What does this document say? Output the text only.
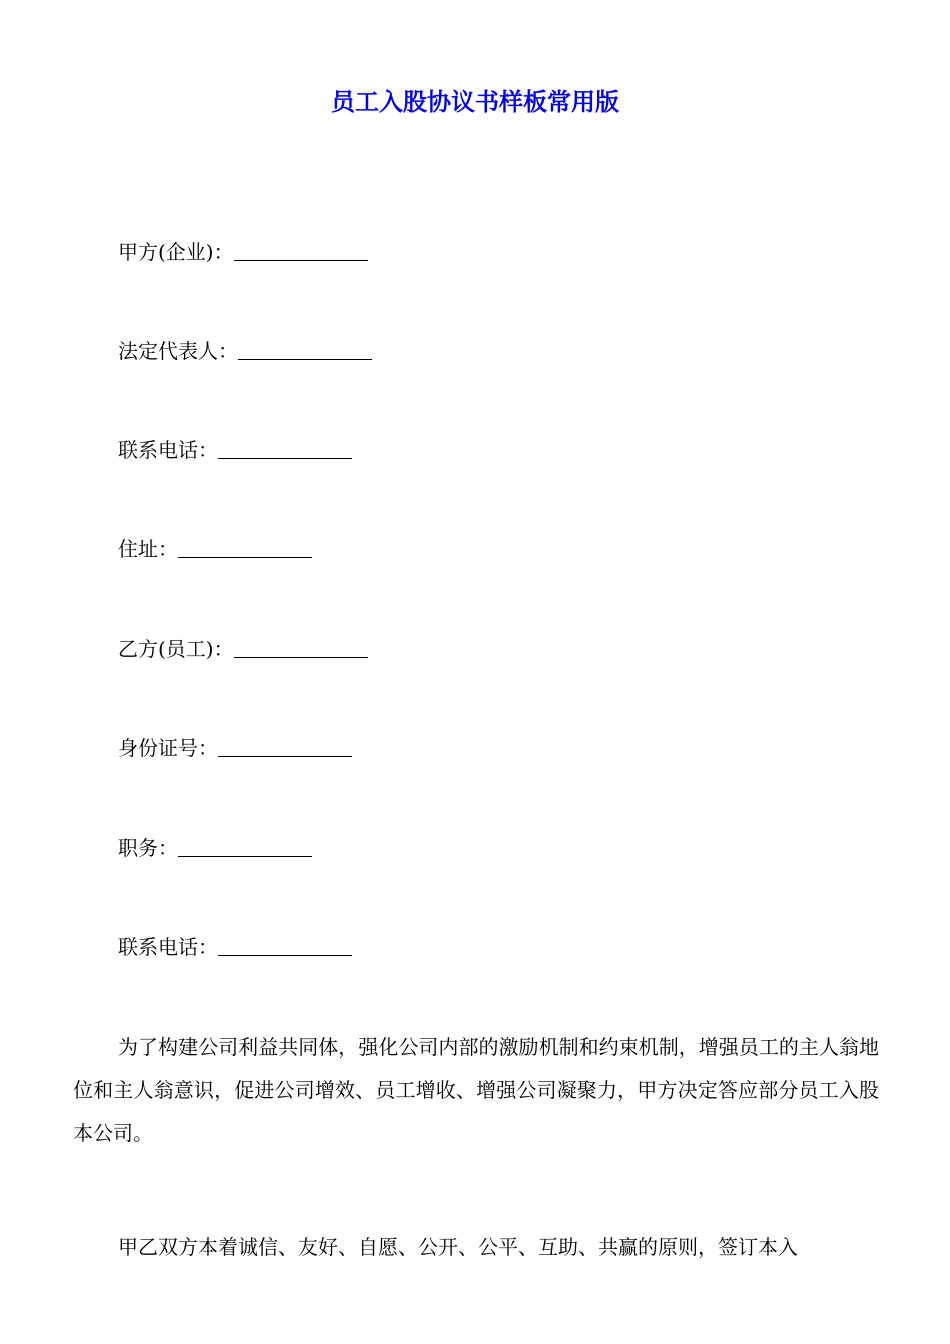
员工入股协议书样板常用版
甲方(企业)：
法定代表人：
联系电话：
住址：
乙方(员工)：
身份证号：
职务：
联系电话：

为了构建公司利益共同体，强化公司内部的激励机制和约束机制，增强员工的主人翁地位和主人翁意识，促进公司增效、员工增收、增强公司凝聚力，甲方决定答应部分员工入股本公司。

甲乙双方本着诚信、友好、自愿、公开、公平、互助、共赢的原则，签订本入
